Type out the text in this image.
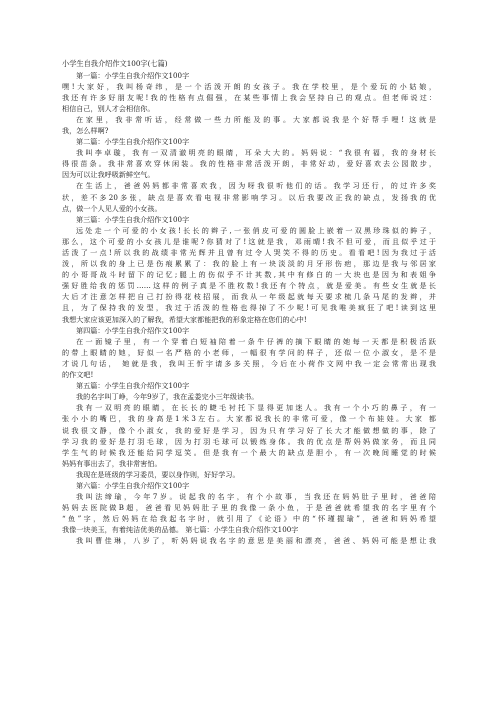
小学生自我介绍作文100字(七篇)
第一篇：小学生自我介绍作文100字
嘿!大家好，我叫杨奇纬，是一个活泼开朗的女孩子。我在学校里，是个爱玩的小姑娘，
我还有许多好朋友呢!我的性格有点倔强，在某些事情上我会坚持自己的观点。但老师说过：
相信自己，别人才会相信你。
在家里，我非常听话，经常做一些力所能及的事。大家都说我是个好帮手哩! 这就是
我，怎么样啊?
第二篇：小学生自我介绍作文100字
我叫李卓璇，我有一双清澈明亮的眼睛，耳朵大大的。妈妈说：“我很有福，我的身材长
得很苗条。我非常喜欢穿休闲装。我的性格非常活泼开朗，非常好动，爱好喜欢去公园散步，
因为可以让我呼吸新鲜空气。
在生活上，爸爸妈妈都非常喜欢我，因为呀我很听他们的话。我学习还行，的过许多奖
状，差不多20多张，缺点是喜欢看电视非常影响学习。以后我要改正我的缺点，发扬我的优
点，做一个人见人爱的小女孩。
第三篇：小学生自我介绍作文100字
远处走一个可爱的小女孩!长长的辫子,一张俏皮可爱的圆脸上嵌着一双黑珍珠似的眸子，
那么，这个可爱的小女孩儿是谁呢?你猜对了!这就是我，邓雨晴!我不但可爱，而且似乎过于
活泼了一点!所以我的战绩非常光辉并且曾有过令人哭笑不得的历史。看看吧!因为我过于活
泼，所以我的身上已是伤痕累累了：我的脸上有一块淡淡的月牙形伤疤，那边是我与邻居家
的小哥哥战斗时留下的记忆;腿上的伤似乎不计其数,其中有修白的一大块也是因为和表姐争
强好胜给我的惩罚……这样的例子真是不胜枚数!我还有个特点，就是爱美。有些女生就是长
大后才注意怎样把自己打扮得花枝招展，而我从一年级起就每天要求梳几条马尾的发辫，并
且，为了保持我的发型，我过于活泼的性格也得掉了不少呢!可见我唯美疯狂了吧!读到这里
我想大家应该更加深入的了解我，希望大家都能把我的形象定格在您们的心中!
第四篇：小学生自我介绍作文100字
在一面镜子里，有一个穿着白短袖陪着一条牛仔裤的摘下眼睛的她每一天都是积极活跃
的带上眼睛的她，好似一名严格的小老师，一幅很有学问的样子，还似一位小淑女，是不是
才说几句话， 她就是我，我叫王忻宇请多多关照，今后在小荷作文网中我一定会常常出现我
的作文吧!
第五篇：小学生自我介绍作文100字
我的名字叫丁峥，今年9岁了，我在孟娄完小三年级读书。
我有一双明亮的眼睛，在长长的睫毛衬托下显得更加迷人。我有一个小巧的鼻子，有一
张小小的嘴巴，我的身高是1米3左右。大家都说我长的非常可爱，像一个布娃娃。大家 都
说我很文静，像个小淑女，我的爱好是学习，因为只有学习好了长大才能做想做的事，除了
学习我的爱好是打羽毛球，因为打羽毛球可以锻炼身体。我的优点是帮妈妈做家务，而且同
学生气的时候我还能给同学逗笑。但是我有一个最大的缺点是胆小，有一次晚间睡觉的时候
妈妈有事出去了，我非常害怕。
我现在是班级的学习委员，要以身作则，好好学习。
第六篇：小学生自我介绍作文100字
我叫法缔瑜，今年7岁。说起我的名字，有个小故事，当我还在妈妈肚子里时，爸爸陪
妈妈去医院做B超，爸爸看见妈妈肚子里的我像一条小鱼，于是爸爸就希望我的名字里有个
“鱼”字，然后妈妈在给我起名字时，就引用了《论语》中的“怀瑾握瑜”，爸爸和妈妈希望
我像一块美玉，有着纯洁优美的品德。 第七篇：小学生自我介绍作文100字
我叫曹佳琳，八岁了，听妈妈说我名字的意思是美丽和漂亮，爸爸、妈妈可能是想让我
